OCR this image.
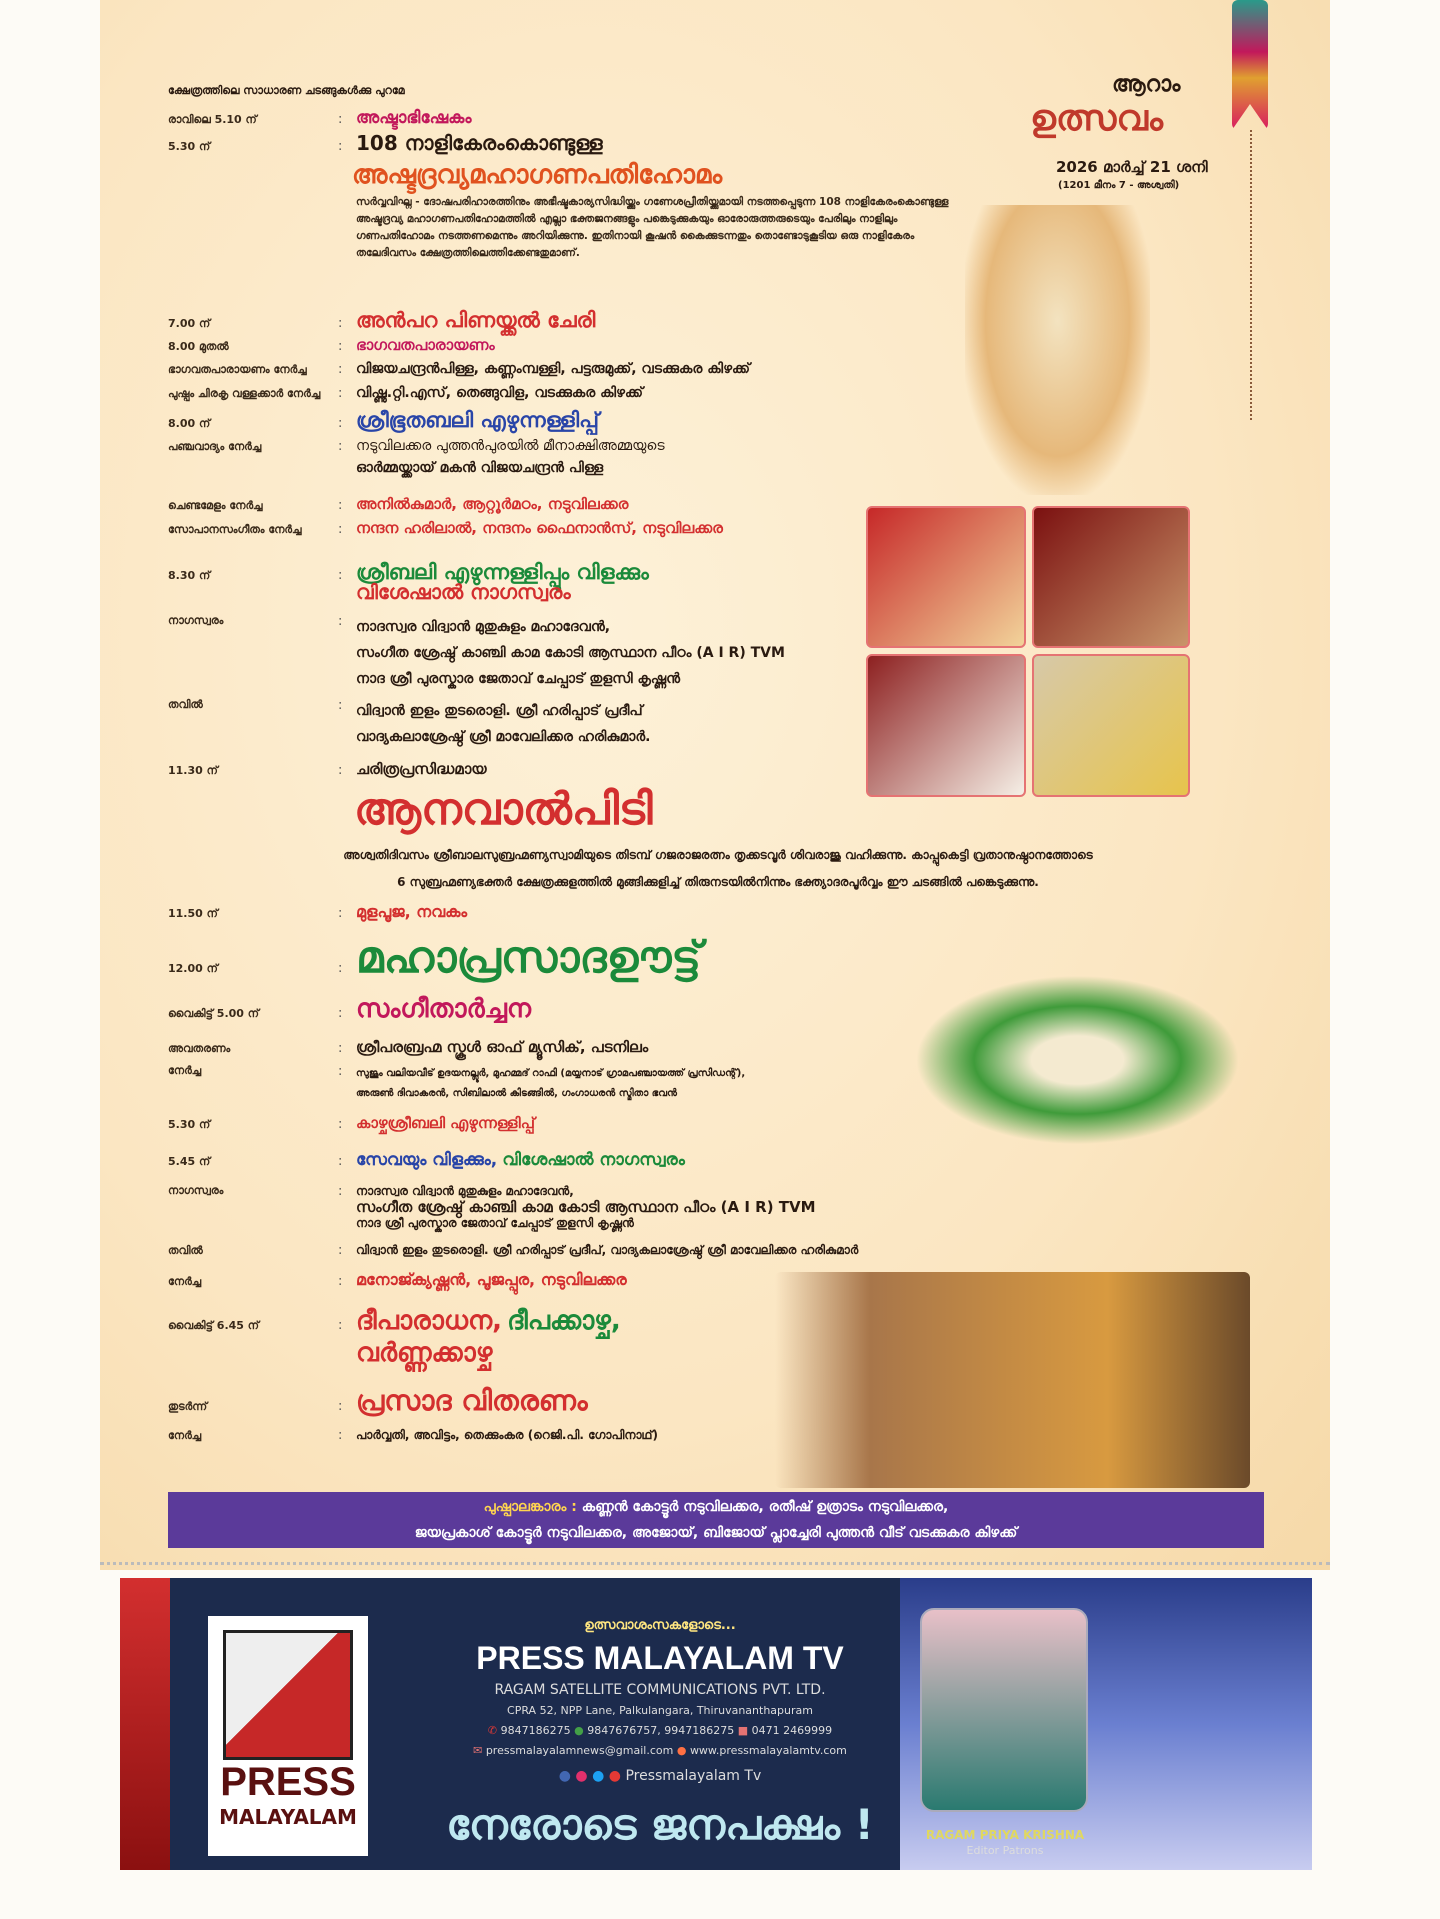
ഉത്സവം
ആറാം
2026 മാർച്ച് 21 ശനി
(1201 മീനം 7 - അശ്വതി)
ക്ഷേത്രത്തിലെ സാധാരണ ചടങ്ങുകൾക്കു പുറമേ
രാവിലെ 5.10 ന്	: അഷ്ടാഭിഷേകം
5.30 ന്	: 108 നാളികേരംകൊണ്ടുള്ള
അഷ്ടദ്രവ്യമഹാഗണപതിഹോമം
സർവ്വവിഘ്ന - ദോഷപരിഹാരത്തിനും അഭീഷ്ടകാര്യസിദ്ധിയ്ക്കും ഗണേശപ്രീതിയ്ക്കുമായി നടത്തപ്പെടുന്ന 108 നാളികേരംകൊണ്ടുള്ള അഷ്ടദ്രവ്യ മഹാഗണപതിഹോമത്തിൽ എല്ലാ ഭക്തജനങ്ങളും പങ്കെടുക്കുകയും ഓരോരുത്തരുടെയും പേരിലും നാളിലും ഗണപതിഹോമം നടത്തണമെന്നും അറിയിക്കുന്നു. ഇതിനായി കൂഷൻ കൈക്കുടന്നതും തൊണ്ടോടുകൂടിയ ഒരു നാളികേരം തലേദിവസം ക്ഷേത്രത്തിലെത്തിക്കേണ്ടതുമാണ്.
7.00 ന്	: അൻപറ പിണയ്ക്കൽ ചേരി
8.00 മുതൽ	: ഭാഗവതപാരായണം
ഭാഗവതപാരായണം നേർച്ച	: വിജയചന്ദ്രൻപിള്ള, കണ്ണംമ്പള്ളി, പട്ടരുമുക്ക്, വടക്കുകര കിഴക്ക്
പുഷ്പം ചിരകൃ വള്ളക്കാർ നേർച്ച	: വിഷ്ണു.റ്റി.എസ്, തെങ്ങുവിള, വടക്കുകര കിഴക്ക്
8.00 ന്	: ശ്രീഭൂതബലി എഴുന്നള്ളിപ്പ്
പഞ്ചവാദ്യം നേർച്ച	: നടുവിലക്കര പുത്തൻപുരയിൽ മീനാക്ഷിഅമ്മയുടെ
ഓർമ്മയ്ക്കായ് മകൻ വിജയചന്ദ്രൻ പിള്ള
ചെണ്ടമേളം നേർച്ച	: അനിൽകുമാർ, ആറ്റൂർമഠം, നടുവിലക്കര
സോപാനസംഗീതം നേർച്ച	: നന്ദന ഹരിലാൽ, നന്ദനം ഫൈനാൻസ്, നടുവിലക്കര
8.30 ന്	: ശ്രീബലി എഴുന്നള്ളിപ്പും വിളക്കും
വിശേഷാൽ നാഗസ്വരം
നാഗസ്വരം	: നാദസ്വര വിദ്വാൻ മുതുകുളം മഹാദേവൻ,
സംഗീത ശ്രേഷ്ഠ് കാഞ്ചി കാമ കോടി ആസ്ഥാന പീഠം (A I R) TVM
നാദ ശ്രീ പുരസ്കാര ജേതാവ് ചേപ്പാട് തുളസി കൃഷ്ണൻ
തവിൽ	: വിദ്വാൻ ഇളം തുടരൊളി. ശ്രീ ഹരിപ്പാട് പ്രദീപ്
വാദ്യകലാശ്രേഷ്ഠ് ശ്രീ മാവേലിക്കര ഹരികുമാർ.
11.30 ന്	: ചരിത്രപ്രസിദ്ധമായ
ആനവാൽപിടി
അശ്വതിദിവസം ശ്രീബാലസുബ്രഹ്മണ്യസ്വാമിയുടെ തിടമ്പ് ഗജരാജരത്നം തൃക്കടവൂർ ശിവരാജു വഹിക്കുന്നു. കാപ്പുകെട്ടി വ്രതാനുഷ്ഠാനത്തോടെ
6 സുബ്രഹ്മണ്യഭക്തർ ക്ഷേത്രക്കുളത്തിൽ മുങ്ങിക്കുളിച്ച് തിരുനടയിൽനിന്നും ഭക്ത്യാദരപൂർവ്വം ഈ ചടങ്ങിൽ പങ്കെടുക്കുന്നു.
11.50 ന്	: മുളപൂജ, നവകം
12.00 ന്	: മഹാപ്രസാദഊട്ട്
വൈകിട്ട് 5.00 ന്	: സംഗീതാർച്ചന
അവതരണം	: ശ്രീപരബ്രഹ്മ സ്കൂൾ ഓഫ് മ്യൂസിക്, പടനിലം
നേർച്ച	:	സുജും വലിയവീട് ഉദയനല്ലൂർ, മുഹമ്മദ് റാഫി (മയ്യനാട് ഗ്രാമപഞ്ചായത്ത് പ്രസിഡന്റ്),
അരുൺ ദിവാകരൻ, സിബിലാൽ കിടങ്ങിൽ, ഗംഗാധരൻ സ്മിതാ ഭവൻ
5.30 ന്	: കാഴ്ചശ്രീബലി എഴുന്നള്ളിപ്പ്
5.45 ന്	: സേവയും വിളക്കും,
വിശേഷാൽ നാഗസ്വരം
നാഗസ്വരം	:	നാദസ്വര വിദ്വാൻ മുതുകുളം മഹാദേവൻ,
സംഗീത ശ്രേഷ്ഠ് കാഞ്ചി കാമ കോടി ആസ്ഥാന പീഠം (A I R) TVM
നാദ ശ്രീ പുരസ്കാര ജേതാവ് ചേപ്പാട് തുളസി കൃഷ്ണൻ
തവിൽ	:	വിദ്വാൻ ഇളം തുടരൊളി. ശ്രീ ഹരിപ്പാട് പ്രദീപ്, വാദ്യകലാശ്രേഷ്ഠ് ശ്രീ മാവേലിക്കര ഹരികുമാർ
നേർച്ച	: മനോജ്ക്യഷ്ണൻ, പൂജപ്പുര, നടുവിലക്കര
വൈകിട്ട് 6.45 ന്	: ദീപാരാധന,
ദീപക്കാഴ്ച,
വർണ്ണക്കാഴ്ച
തുടർന്ന്	: പ്രസാദ വിതരണം
നേർച്ച	:	പാർവ്വതി, അവിട്ടം, തെക്കുംകര (റെജി.പി. ഗോപിനാഥ്)
പുഷ്പാലങ്കാരം : കണ്ണൻ കോട്ടൂർ നടുവിലക്കര, രതീഷ് ഉത്രാടം നടുവിലക്കര,
ജയപ്രകാശ് കോട്ടൂർ നടുവിലക്കര, അജോയ്, ബിജോയ് പ്ലാച്ചേരി പുത്തൻ വീട് വടക്കുകര കിഴക്ക്
PRESS
MALAYALAM
ഉത്സവാശംസകളോടെ...
PRESS MALAYALAM TV
RAGAM SATELLITE COMMUNICATIONS PVT. LTD.
CPRA 52, NPP Lane, Palkulangara, Thiruvananthapuram
✆ 9847186275 ● 9847676757, 9947186275 ■ 0471 2469999
✉ pressmalayalamnews@gmail.com ● www.pressmalayalamtv.com
● ● ● ● Pressmalayalam Tv
നേരോടെ ജനപക്ഷം !	RAGAM PRIYA KRISHNA
Editor Patrons
